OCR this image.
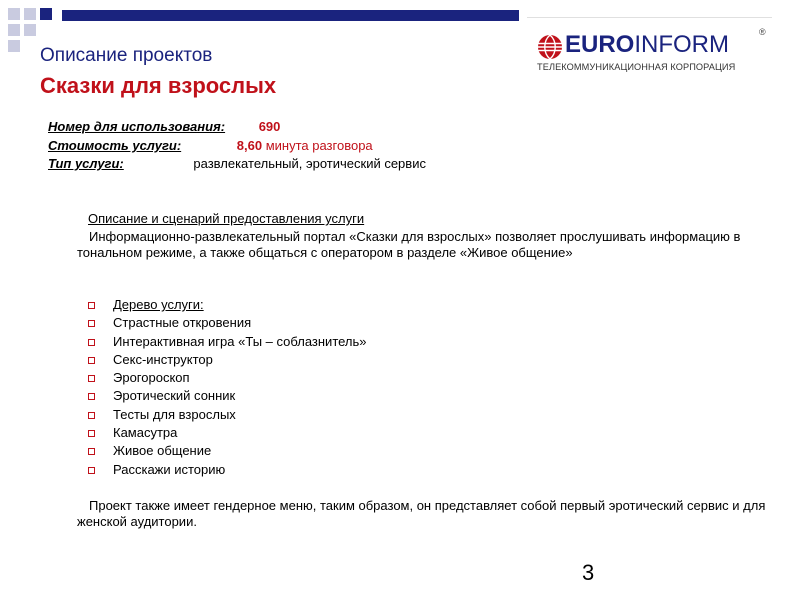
Описание проектов
Сказки для взрослых
EUROINFORM	®
ТЕЛЕКОММУНИКАЦИОННАЯ КОРПОРАЦИЯ
Номер для использования:	690
Стоимость услуги:	8,60 минута разговора
Тип услуги:	развлекательный, эротический сервис
Описание и сценарий предоставления услуги
Информационно-развлекательный портал «Сказки для взрослых» позволяет прослушивать информацию в тональном режиме, а также общаться с оператором в разделе «Живое общение»
Дерево услуги:
Страстные откровения
Интерактивная игра «Ты – соблазнитель»
Секс-инструктор
Эрогороскоп
Эротический сонник
Тесты для взрослых
Камасутра
Живое общение
Расскажи историю
Проект также имеет гендерное меню, таким образом, он представляет собой первый эротический сервис и для женской аудитории.
3
